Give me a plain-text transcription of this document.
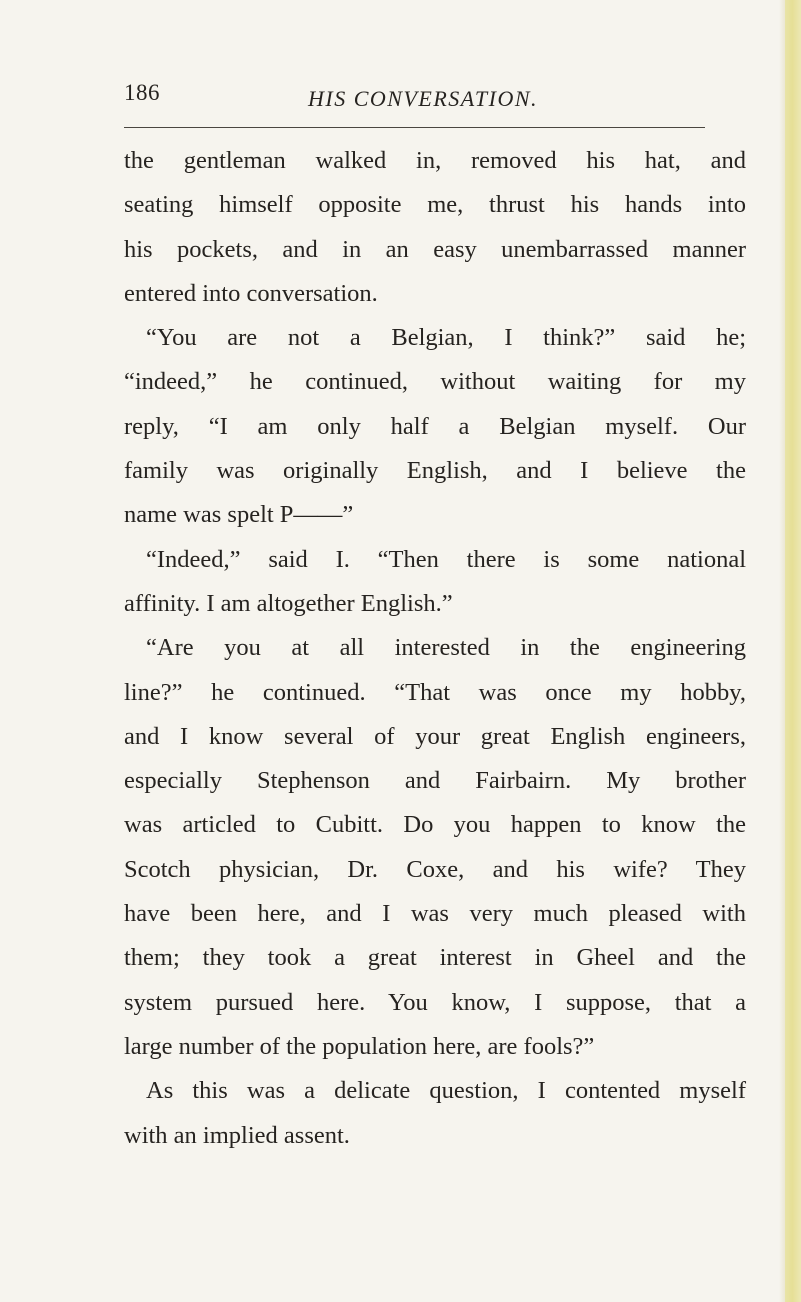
186	HIS CONVERSATION.
the gentleman walked in, removed his hat, and
seating himself opposite me, thrust his hands into
his pockets, and in an easy unembarrassed manner
entered into conversation.
“You are not a Belgian, I think?” said he;
“indeed,” he continued, without waiting for my
reply, “I am only half a Belgian myself. Our
family was originally English, and I believe the
name was spelt P——”
“Indeed,” said I. “Then there is some national
affinity. I am altogether English.”
“Are you at all interested in the engineering
line?” he continued. “That was once my hobby,
and I know several of your great English engineers,
especially Stephenson and Fairbairn. My brother
was articled to Cubitt. Do you happen to know the
Scotch physician, Dr. Coxe, and his wife? They
have been here, and I was very much pleased with
them; they took a great interest in Gheel and the
system pursued here. You know, I suppose, that a
large number of the population here, are fools?”
As this was a delicate question, I contented myself
with an implied assent.
